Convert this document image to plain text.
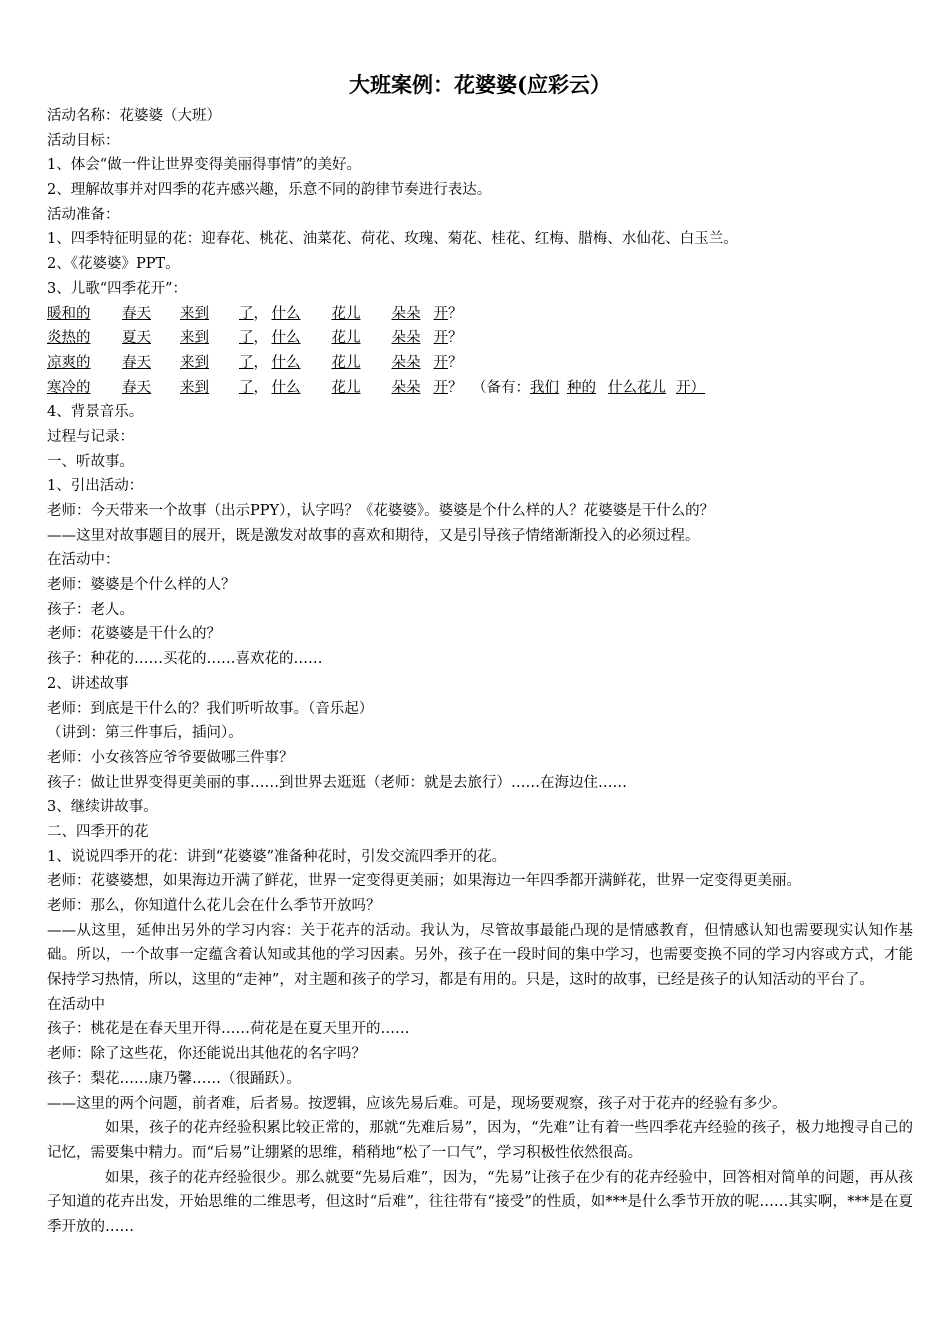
大班案例：花婆婆(应彩云）
活动名称：花婆婆（大班）
活动目标：
1、体会“做一件让世界变得美丽得事情”的美好。
2、理解故事并对四季的花卉感兴趣，乐意不同的韵律节奏进行表达。
活动准备：
1、四季特征明显的花：迎春花、桃花、油菜花、荷花、玫瑰、菊花、桂花、红梅、腊梅、水仙花、白玉兰。
2、《花婆婆》PPT。
3、儿歌“四季花开”：
暖和的	春天	来到 了 ， 什么	花儿	朵朵 开 ？
炎热的	夏天	来到 了 ， 什么	花儿	朵朵 开 ？
凉爽的	春天	来到 了 ， 什么	花儿	朵朵 开 ？
寒冷的	春天	来到 了 ， 什么	花儿	朵朵 开 ？ （备有： 我们 种的 什么花儿 开）
4、背景音乐。
过程与记录：
一、听故事。
1、引出活动：
老师：今天带来一个故事（出示PPY），认字吗？《花婆婆》。婆婆是个什么样的人？花婆婆是干什么的？
——这里对故事题目的展开，既是激发对故事的喜欢和期待，又是引导孩子情绪渐渐投入的必须过程。
在活动中：
老师：婆婆是个什么样的人？
孩子：老人。
老师：花婆婆是干什么的？
孩子：种花的……买花的……喜欢花的……
2、讲述故事
老师：到底是干什么的？我们听听故事。（音乐起）
（讲到：第三件事后，插问）。
老师：小女孩答应爷爷要做哪三件事？
孩子：做让世界变得更美丽的事……到世界去逛逛（老师：就是去旅行）……在海边住……
3、继续讲故事。
二、四季开的花
1、说说四季开的花：讲到“花婆婆”准备种花时，引发交流四季开的花。
老师：花婆婆想，如果海边开满了鲜花，世界一定变得更美丽；如果海边一年四季都开满鲜花，世界一定变得更美丽。
老师：那么，你知道什么花儿会在什么季节开放吗？
——从这里，延伸出另外的学习内容：关于花卉的活动。我认为，尽管故事最能凸现的是情感教育，但情感认知也需要现实认知作基础。所以，一个故事一定蕴含着认知或其他的学习因素。另外，孩子在一段时间的集中学习，也需要变换不同的学习内容或方式，才能保持学习热情，所以，这里的“走神”，对主题和孩子的学习，都是有用的。只是，这时的故事，已经是孩子的认知活动的平台了。
在活动中
孩子：桃花是在春天里开得……荷花是在夏天里开的……
老师：除了这些花，你还能说出其他花的名字吗？
孩子：梨花……康乃馨……（很踊跃）。
——这里的两个问题，前者难，后者易。按逻辑，应该先易后难。可是，现场要观察，孩子对于花卉的经验有多少。
如果，孩子的花卉经验积累比较正常的，那就“先难后易”，因为，“先难”让有着一些四季花卉经验的孩子，极力地搜寻自己的记忆，需要集中精力。而“后易”让绷紧的思维，稍稍地“松了一口气”，学习积极性依然很高。
如果，孩子的花卉经验很少。那么就要“先易后难”，因为，“先易”让孩子在少有的花卉经验中，回答相对简单的问题，再从孩子知道的花卉出发，开始思维的二维思考，但这时“后难”，往往带有“接受”的性质，如***是什么季节开放的呢……其实啊，***是在夏季开放的……
